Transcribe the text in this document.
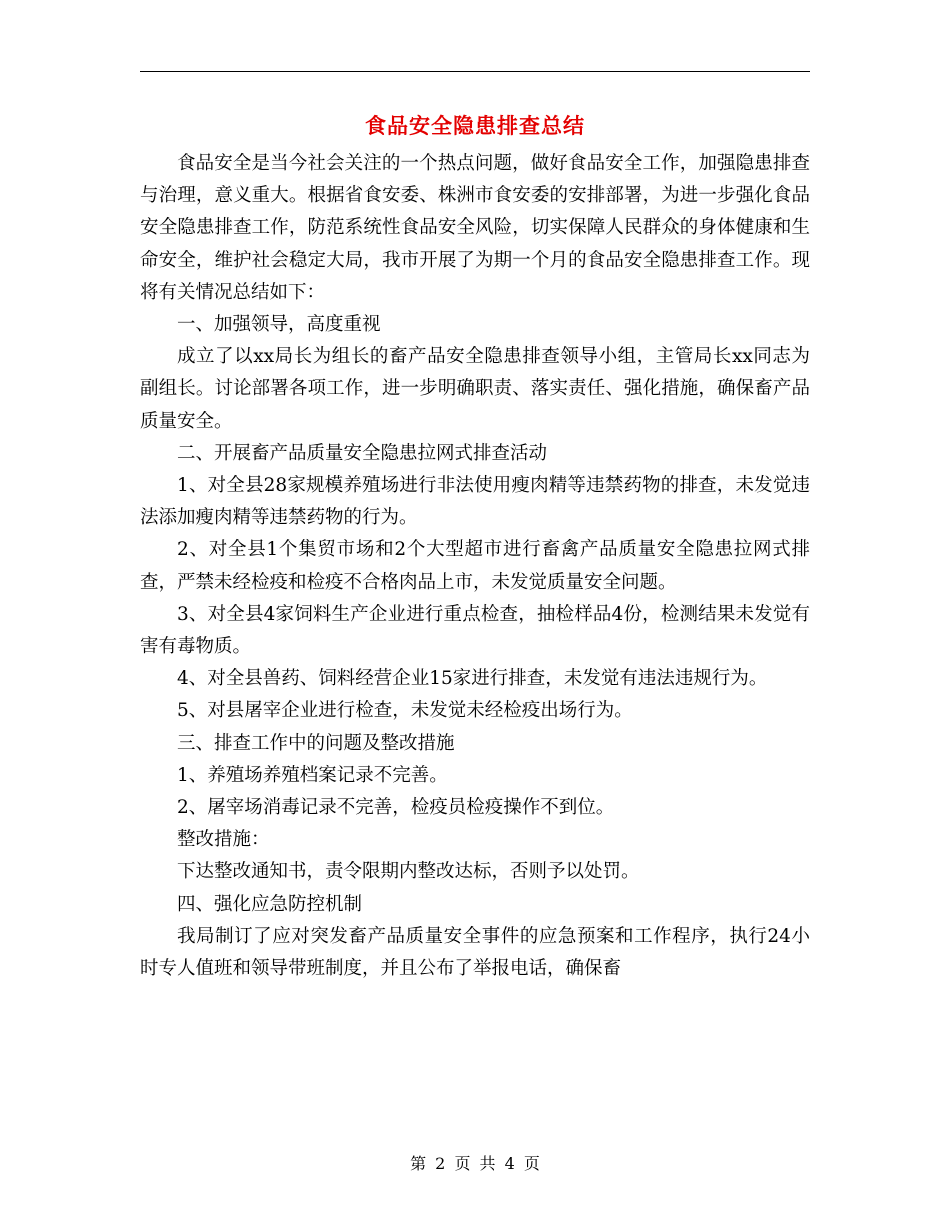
食品安全隐患排查总结

食品安全是当今社会关注的一个热点问题，做好食品安全工作，加强隐患排查与治理，意义重大。根据省食安委、株洲市食安委的安排部署，为进一步强化食品安全隐患排查工作，防范系统性食品安全风险，切实保障人民群众的身体健康和生命安全，维护社会稳定大局，我市开展了为期一个月的食品安全隐患排查工作。现将有关情况总结如下：

一、加强领导，高度重视

成立了以xx局长为组长的畜产品安全隐患排查领导小组，主管局长xx同志为副组长。讨论部署各项工作，进一步明确职责、落实责任、强化措施，确保畜产品质量安全。

二、开展畜产品质量安全隐患拉网式排查活动

1、对全县28家规模养殖场进行非法使用瘦肉精等违禁药物的排查，未发觉违法添加瘦肉精等违禁药物的行为。

2、对全县1个集贸市场和2个大型超市进行畜禽产品质量安全隐患拉网式排查，严禁未经检疫和检疫不合格肉品上市，未发觉质量安全问题。

3、对全县4家饲料生产企业进行重点检查，抽检样品4份，检测结果未发觉有害有毒物质。

4、对全县兽药、饲料经营企业15家进行排查，未发觉有违法违规行为。

5、对县屠宰企业进行检查，未发觉未经检疫出场行为。

三、排查工作中的问题及整改措施

1、养殖场养殖档案记录不完善。

2、屠宰场消毒记录不完善，检疫员检疫操作不到位。

整改措施：

下达整改通知书，责令限期内整改达标，否则予以处罚。

四、强化应急防控机制

我局制订了应对突发畜产品质量安全事件的应急预案和工作程序，执行24小时专人值班和领导带班制度，并且公布了举报电话，确保畜

第 2 页 共 4 页
